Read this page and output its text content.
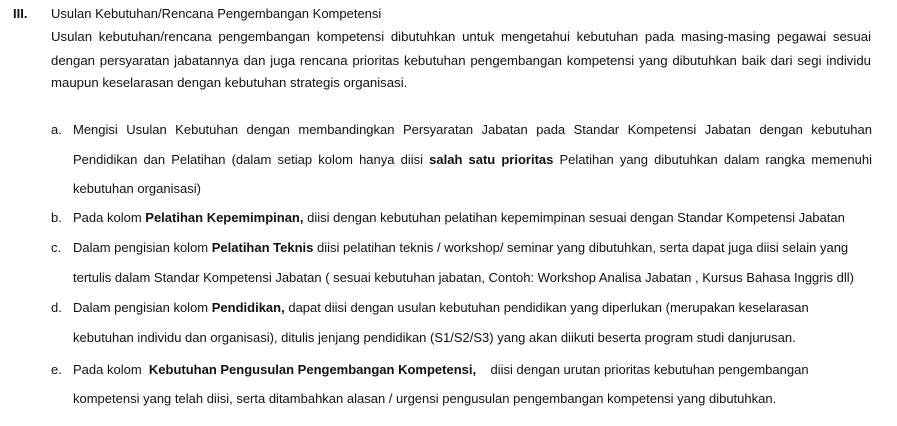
III. Usulan Kebutuhan/Rencana Pengembangan Kompetensi
Usulan kebutuhan/rencana pengembangan kompetensi dibutuhkan untuk mengetahui kebutuhan pada masing-masing pegawai sesuai
dengan persyaratan jabatannya dan juga rencana prioritas kebutuhan pengembangan kompetensi yang dibutuhkan baik dari segi individu
maupun keselarasan dengan kebutuhan strategis organisasi.
a. Mengisi Usulan Kebutuhan dengan membandingkan Persyaratan Jabatan pada Standar Kompetensi Jabatan dengan kebutuhan
Pendidikan dan Pelatihan (dalam setiap kolom hanya diisi salah satu prioritas Pelatihan yang dibutuhkan dalam rangka memenuhi
kebutuhan organisasi)
b. Pada kolom Pelatihan Kepemimpinan, diisi dengan kebutuhan pelatihan kepemimpinan sesuai dengan Standar Kompetensi Jabatan
c. Dalam pengisian kolom Pelatihan Teknis diisi pelatihan teknis / workshop/ seminar yang dibutuhkan, serta dapat juga diisi selain yang
tertulis dalam Standar Kompetensi Jabatan ( sesuai kebutuhan jabatan, Contoh: Workshop Analisa Jabatan , Kursus Bahasa Inggris dll)
d. Dalam pengisian kolom Pendidikan, dapat diisi dengan usulan kebutuhan pendidikan yang diperlukan (merupakan keselarasan
kebutuhan individu dan organisasi), ditulis jenjang pendidikan (S1/S2/S3) yang akan diikuti beserta program studi danjurusan.
e. Pada kolom Kebutuhan Pengusulan Pengembangan Kompetensi, diisi dengan urutan prioritas kebutuhan pengembangan
kompetensi yang telah diisi, serta ditambahkan alasan / urgensi pengusulan pengembangan kompetensi yang dibutuhkan.
